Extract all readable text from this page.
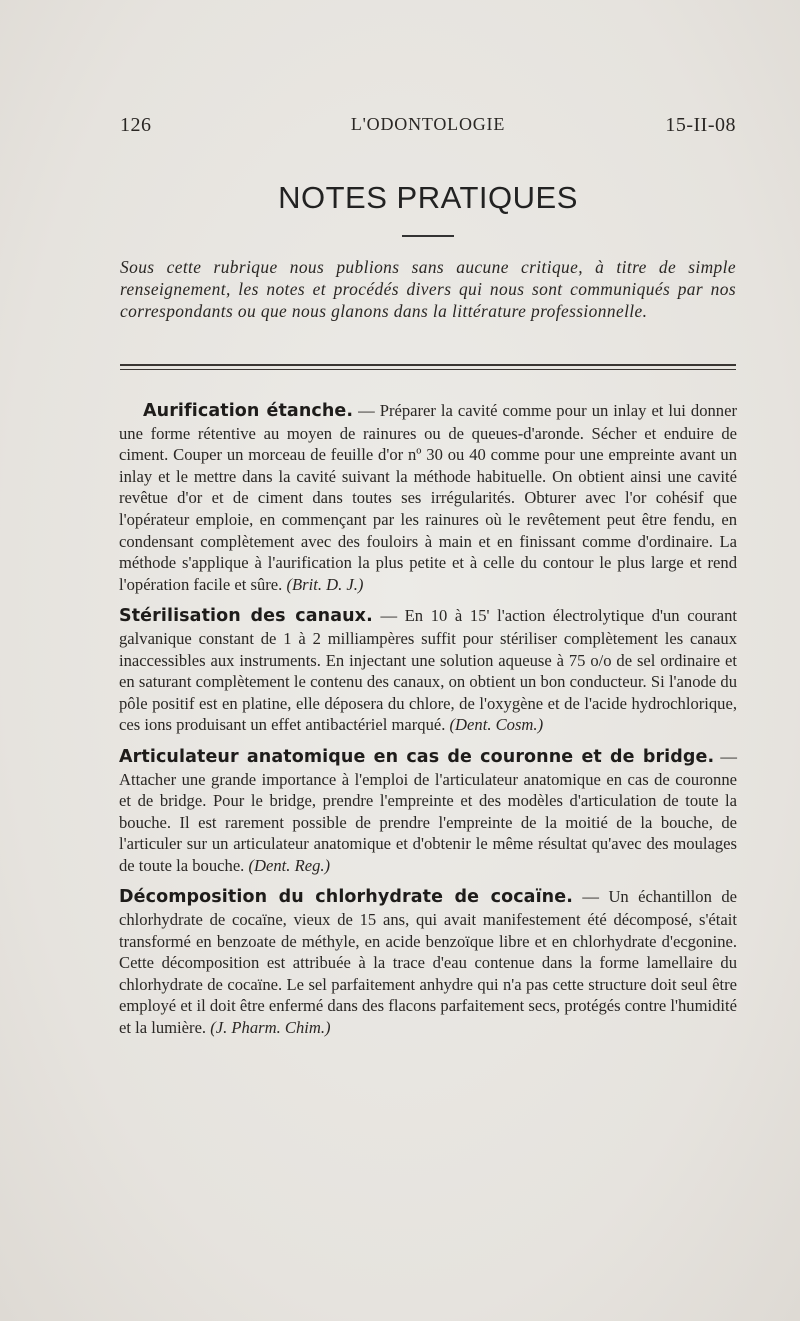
126	L'ODONTOLOGIE	15-II-08
NOTES PRATIQUES
Sous cette rubrique nous publions sans aucune critique, à titre de simple renseignement, les notes et procédés divers qui nous sont communiqués par nos correspondants ou que nous glanons dans la littérature professionnelle.

Aurification étanche. — Préparer la cavité comme pour un inlay et lui donner une forme rétentive au moyen de rainures ou de queues-d'aronde. Sécher et enduire de ciment. Couper un morceau de feuille d'or nº 30 ou 40 comme pour une empreinte avant un inlay et le mettre dans la cavité suivant la méthode habituelle. On obtient ainsi une cavité revêtue d'or et de ciment dans toutes ses irrégularités. Obturer avec l'or cohésif que l'opérateur emploie, en commençant par les rainures où le revêtement peut être fendu, en condensant complètement avec des fouloirs à main et en finissant comme d'ordinaire. La méthode s'applique à l'aurification la plus petite et à celle du contour le plus large et rend l'opération facile et sûre. (Brit. D. J.)

Stérilisation des canaux. — En 10 à 15' l'action électrolytique d'un courant galvanique constant de 1 à 2 milliampères suffit pour stériliser complètement les canaux inaccessibles aux instruments. En injectant une solution aqueuse à 75 o/o de sel ordinaire et en saturant complètement le contenu des canaux, on obtient un bon conducteur. Si l'anode du pôle positif est en platine, elle déposera du chlore, de l'oxygène et de l'acide hydrochlorique, ces ions produisant un effet antibactériel marqué. (Dent. Cosm.)

Articulateur anatomique en cas de couronne et de bridge. — Attacher une grande importance à l'emploi de l'articulateur anatomique en cas de couronne et de bridge. Pour le bridge, prendre l'empreinte et des modèles d'articulation de toute la bouche. Il est rarement possible de prendre l'empreinte de la moitié de la bouche, de l'articuler sur un articulateur anatomique et d'obtenir le même résultat qu'avec des moulages de toute la bouche. (Dent. Reg.)

Décomposition du chlorhydrate de cocaïne. — Un échantillon de chlorhydrate de cocaïne, vieux de 15 ans, qui avait manifestement été décomposé, s'était transformé en benzoate de méthyle, en acide benzoïque libre et en chlorhydrate d'ecgonine. Cette décomposition est attribuée à la trace d'eau contenue dans la forme lamellaire du chlorhydrate de cocaïne. Le sel parfaitement anhydre qui n'a pas cette structure doit seul être employé et il doit être enfermé dans des flacons parfaitement secs, protégés contre l'humidité et la lumière. (J. Pharm. Chim.)
